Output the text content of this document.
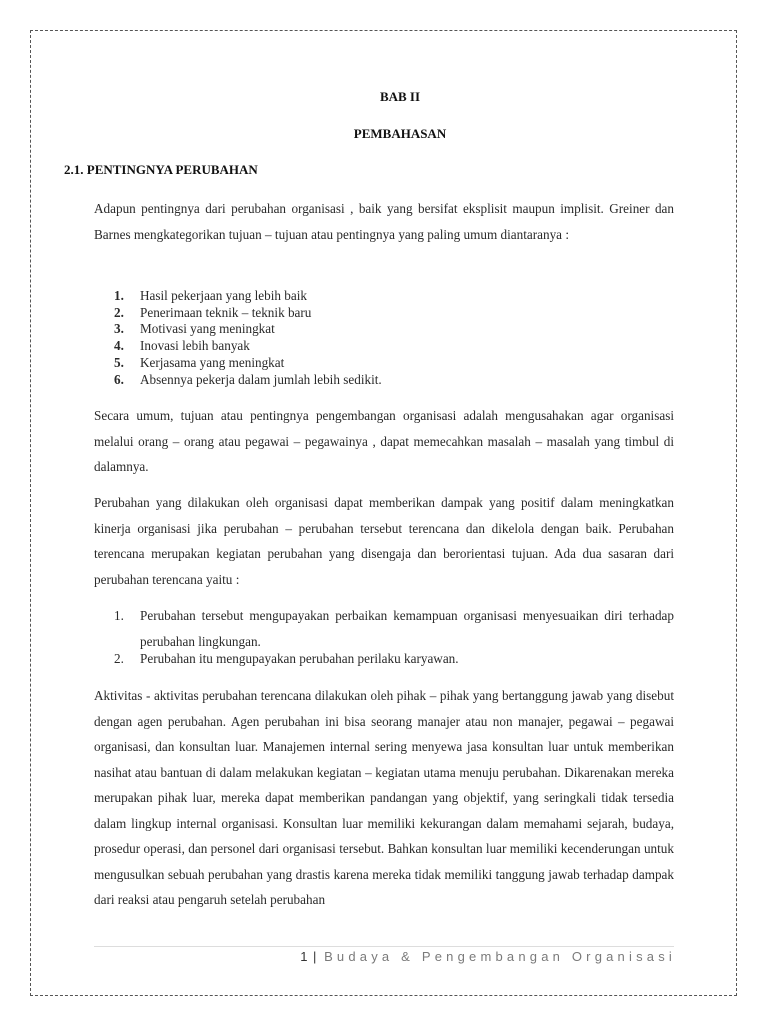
BAB II
PEMBAHASAN
2.1. PENTINGNYA PERUBAHAN

Adapun pentingnya dari perubahan organisasi , baik yang bersifat eksplisit maupun implisit. Greiner dan Barnes mengkategorikan tujuan – tujuan atau pentingnya yang paling umum diantaranya :

1. Hasil pekerjaan yang lebih baik
2. Penerimaan teknik – teknik baru
3. Motivasi yang meningkat
4. Inovasi lebih banyak
5. Kerjasama yang meningkat
6. Absennya pekerja dalam jumlah lebih sedikit.

Secara umum, tujuan atau pentingnya pengembangan organisasi adalah mengusahakan agar organisasi melalui orang – orang atau pegawai – pegawainya , dapat memecahkan masalah – masalah yang timbul di dalamnya.

Perubahan yang dilakukan oleh organisasi dapat memberikan dampak yang positif dalam meningkatkan kinerja organisasi jika perubahan – perubahan tersebut terencana dan dikelola dengan baik. Perubahan terencana merupakan kegiatan perubahan yang disengaja dan berorientasi tujuan. Ada dua sasaran dari perubahan terencana yaitu :

1. Perubahan tersebut mengupayakan perbaikan kemampuan organisasi menyesuaikan diri terhadap perubahan lingkungan.
2. Perubahan itu mengupayakan perubahan perilaku karyawan.

Aktivitas - aktivitas perubahan terencana dilakukan oleh pihak – pihak yang bertanggung jawab yang disebut dengan agen perubahan. Agen perubahan ini bisa seorang manajer atau non manajer, pegawai – pegawai organisasi, dan konsultan luar. Manajemen internal sering menyewa jasa konsultan luar untuk memberikan nasihat atau bantuan di dalam melakukan kegiatan – kegiatan utama menuju perubahan. Dikarenakan mereka merupakan pihak luar, mereka dapat memberikan pandangan yang objektif, yang seringkali tidak tersedia dalam lingkup internal organisasi. Konsultan luar memiliki kekurangan dalam memahami sejarah, budaya, prosedur operasi, dan personel dari organisasi tersebut. Bahkan konsultan luar memiliki kecenderungan untuk mengusulkan sebuah perubahan yang drastis karena mereka tidak memiliki tanggung jawab terhadap dampak dari reaksi atau pengaruh setelah perubahan

1 | Budaya & Pengembangan Organisasi
